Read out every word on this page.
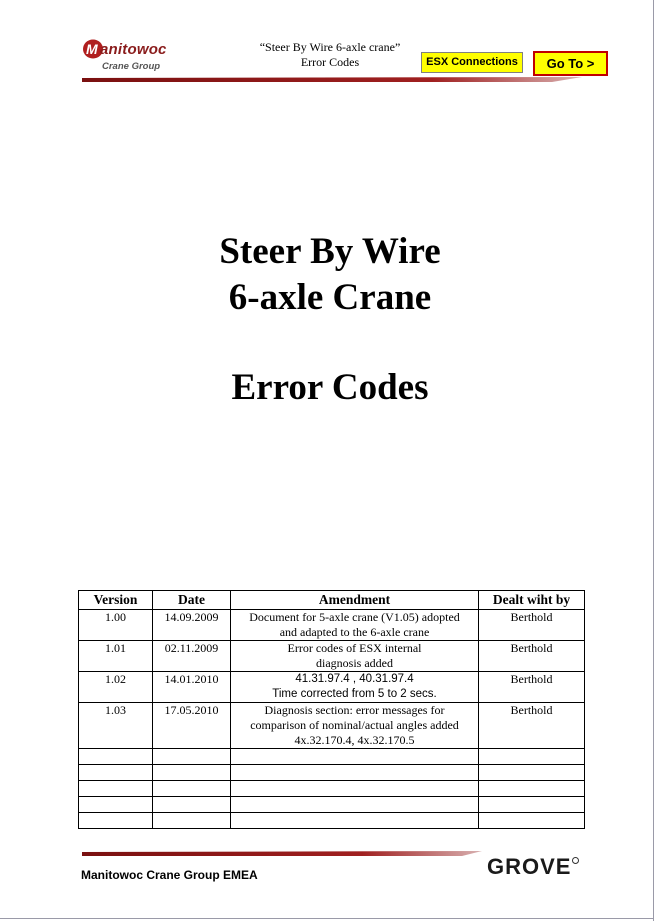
M anitowoc
Crane Group
“Steer By Wire 6-axle crane”
Error Codes	ESX Connections	Go To >
Steer By Wire
6-axle Crane
Error Codes
Version	Date	Amendment	Dealt wiht by
1.00	14.09.2009	Document for 5-axle crane (V1.05) adopted
and adapted to the 6-axle crane	Berthold
1.01	02.11.2009	Error codes of ESX internal
diagnosis added	Berthold
1.02	14.01.2010	41.31.97.4 , 40.31.97.4
Time corrected from 5 to 2 secs.	Berthold
1.03	17.05.2010	Diagnosis section: error messages for
comparison of nominal/actual angles added
4x.32.170.4, 4x.32.170.5	Berthold

Manitowoc Crane Group EMEA	GROVE
